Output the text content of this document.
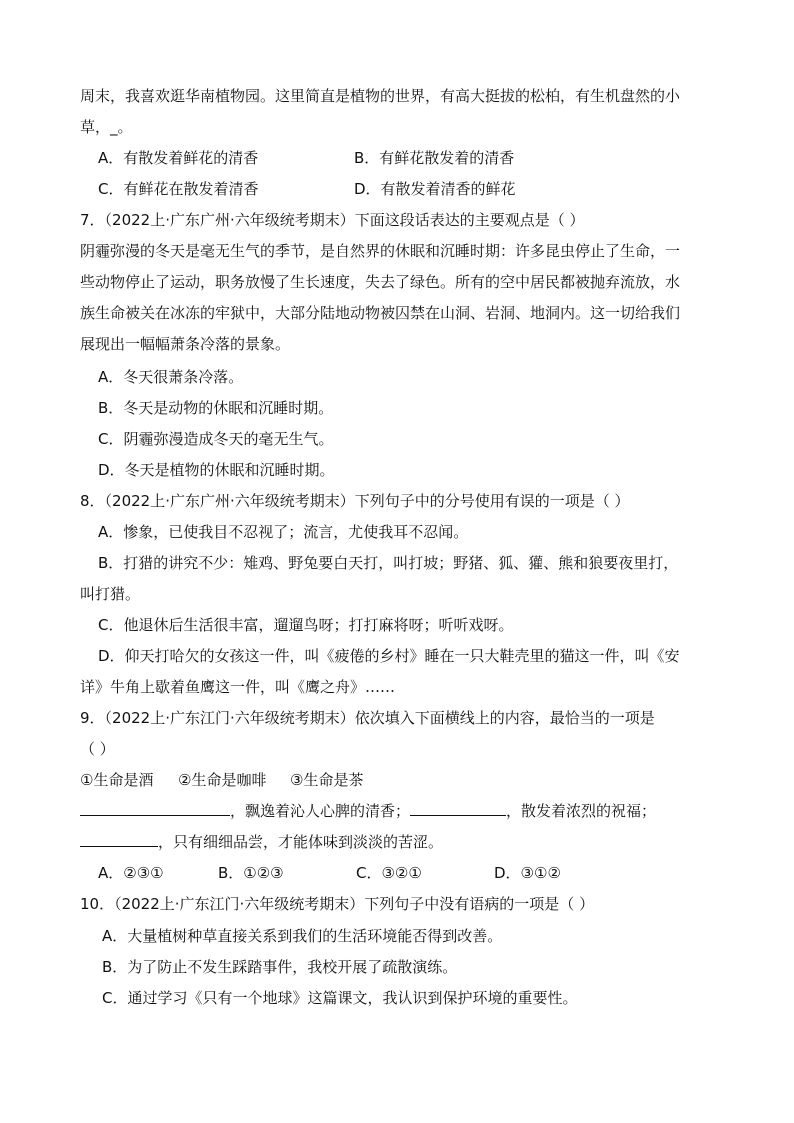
周末，我喜欢逛华南植物园。这里简直是植物的世界，有高大挺拔的松柏，有生机盘然的小
草，_。
A．有散发着鲜花的清香	B．有鲜花散发着的清香
C．有鲜花在散发着清香	D．有散发着清香的鲜花
7．（2022上·广东广州·六年级统考期末）下面这段话表达的主要观点是（ ）
阴霾弥漫的冬天是毫无生气的季节，是自然界的休眠和沉睡时期：许多昆虫停止了生命，一
些动物停止了运动，职务放慢了生长速度，失去了绿色。所有的空中居民都被抛弃流放，水
族生命被关在冰冻的牢狱中，大部分陆地动物被囚禁在山洞、岩洞、地洞内。这一切给我们
展现出一幅幅萧条冷落的景象。
A．冬天很萧条冷落。
B．冬天是动物的休眠和沉睡时期。
C．阴霾弥漫造成冬天的毫无生气。
D．冬天是植物的休眠和沉睡时期。
8．（2022上·广东广州·六年级统考期末）下列句子中的分号使用有误的一项是（ ）
A．惨象，已使我目不忍视了；流言，尤使我耳不忍闻。
B．打猎的讲究不少：雉鸡、野兔要白天打，叫打坡；野猪、狐、獾、熊和狼要夜里打，
叫打猎。
C．他退休后生活很丰富，遛遛鸟呀；打打麻将呀；听听戏呀。
D．仰天打哈欠的女孩这一件，叫《疲倦的乡村》睡在一只大鞋壳里的猫这一件，叫《安
详》牛角上歇着鱼鹰这一件，叫《鹰之舟》……
9．（2022上·广东江门·六年级统考期末）依次填入下面横线上的内容，最恰当的一项是
（ ）
①生命是酒 ②生命是咖啡 ③生命是茶
，飘逸着沁人心脾的清香；	，散发着浓烈的祝福；
，只有细细品尝，才能体味到淡淡的苦涩。
A．②③①	B．①②③	C．③②①	D．③①②
10．（2022上·广东江门·六年级统考期末）下列句子中没有语病的一项是（ ）
A．大量植树种草直接关系到我们的生活环境能否得到改善。
B．为了防止不发生踩踏事件，我校开展了疏散演练。
C．通过学习《只有一个地球》这篇课文，我认识到保护环境的重要性。
